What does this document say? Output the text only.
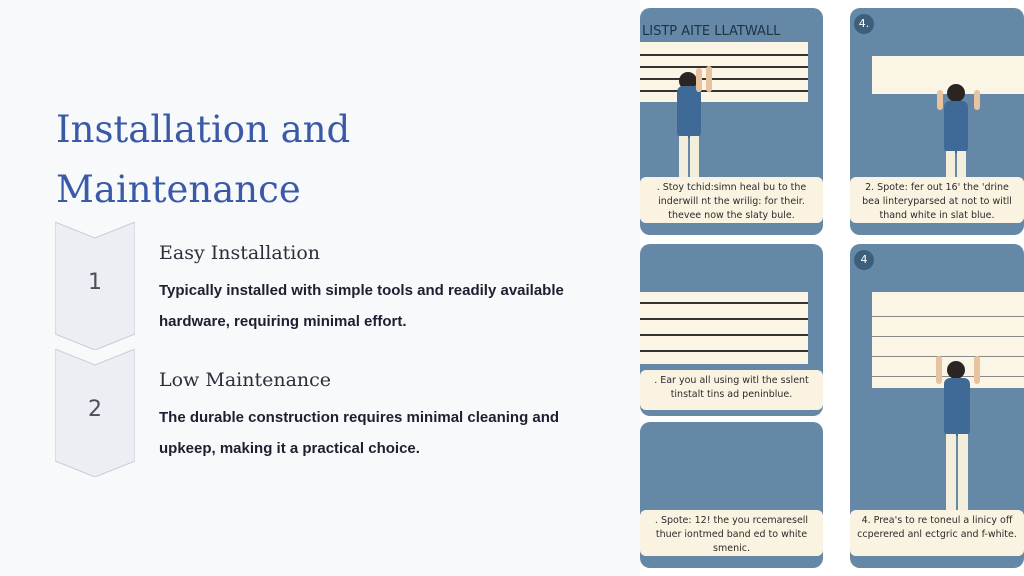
Installation and
Maintenance
1
Easy Installation
Typically installed with simple tools and readily available
hardware, requiring minimal effort.
2
Low Maintenance
The durable construction requires minimal cleaning and
upkeep, making it a practical choice.
LISTP AITE LLATWALL
. Stoy tchid:simn heal bu to the inderwill nt the wrilig: for their. thevee now the slaty bule.
4.
2. Spote: fer out 16' the 'drine bea linteryparsed at not to witll thand white in slat blue.
. Ear you all using witl the sslent tinstalt tins ad peninblue.
4
4. Prea's to re toneul a linicy off ccperered anl ectgric and f-white.
. Spote: 12! the you rcemaresell thuer iontmed band ed to white smenic.
